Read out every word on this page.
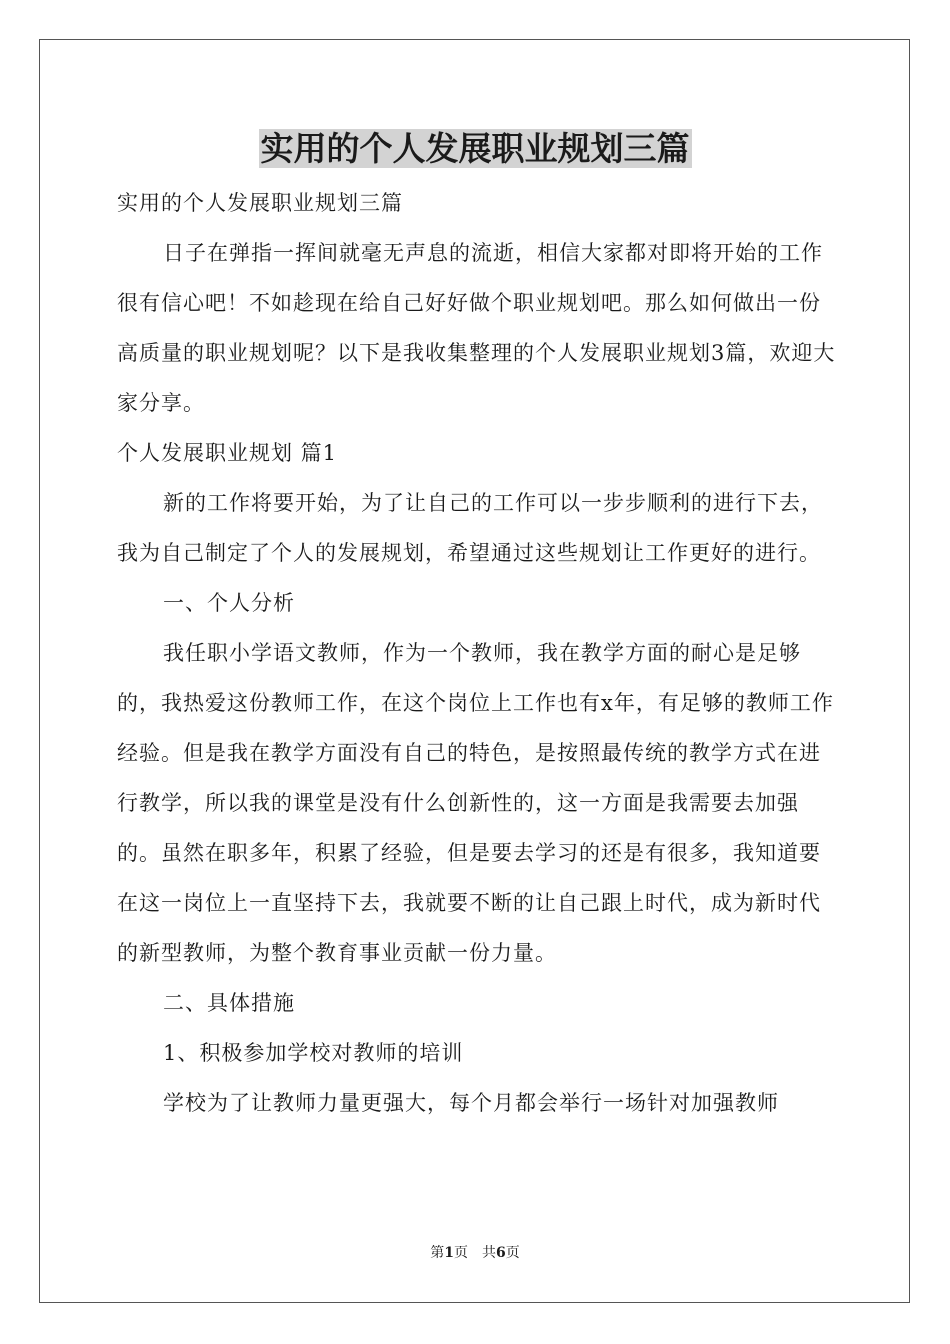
实用的个人发展职业规划三篇

实用的个人发展职业规划三篇

日子在弹指一挥间就毫无声息的流逝，相信大家都对即将开始的工作很有信心吧！不如趁现在给自己好好做个职业规划吧。那么如何做出一份高质量的职业规划呢？以下是我收集整理的个人发展职业规划3篇，欢迎大家分享。

个人发展职业规划 篇1

新的工作将要开始，为了让自己的工作可以一步步顺利的进行下去，我为自己制定了个人的发展规划，希望通过这些规划让工作更好的进行。

一、个人分析

我任职小学语文教师，作为一个教师，我在教学方面的耐心是足够的，我热爱这份教师工作，在这个岗位上工作也有x年，有足够的教师工作经验。但是我在教学方面没有自己的特色，是按照最传统的教学方式在进行教学，所以我的课堂是没有什么创新性的，这一方面是我需要去加强的。虽然在职多年，积累了经验，但是要去学习的还是有很多，我知道要在这一岗位上一直坚持下去，我就要不断的让自己跟上时代，成为新时代的新型教师，为整个教育事业贡献一份力量。

二、具体措施

1、积极参加学校对教师的培训

学校为了让教师力量更强大，每个月都会举行一场针对加强教师

第1页　共6页
